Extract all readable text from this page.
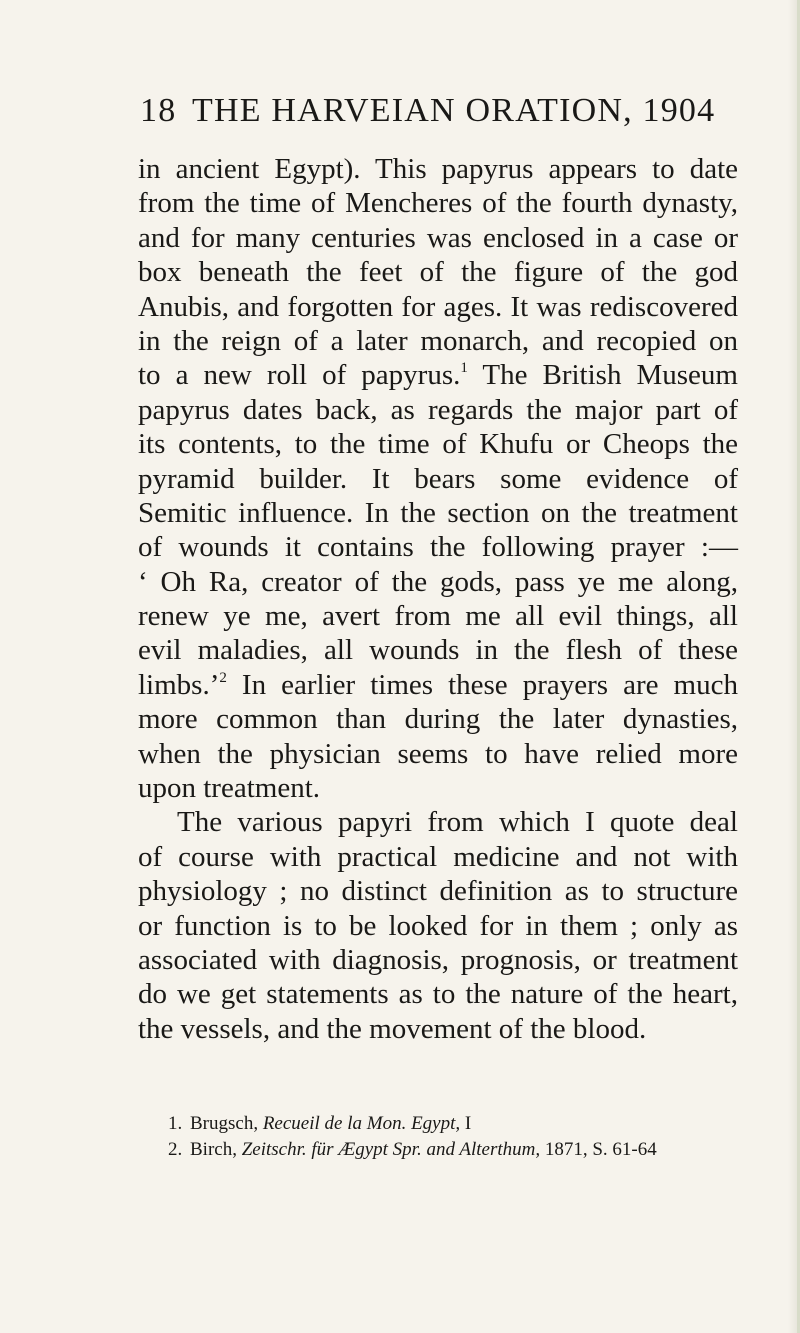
18 THE HARVEIAN ORATION, 1904
in ancient Egypt). This papyrus appears to date
from the time of Mencheres of the fourth dynasty,
and for many centuries was enclosed in a case or
box beneath the feet of the figure of the god
Anubis, and forgotten for ages. It was rediscovered
in the reign of a later monarch, and recopied on
to a new roll of papyrus.$^1$ The British Museum
papyrus dates back, as regards the major part of
its contents, to the time of Khufu or Cheops the
pyramid builder. It bears some evidence of
Semitic influence. In the section on the treatment
of wounds it contains the following prayer :—
‘ Oh Ra, creator of the gods, pass ye me along,
renew ye me, avert from me all evil things, all
evil maladies, all wounds in the flesh of these
limbs.’$^2$ In earlier times these prayers are much
more common than during the later dynasties,
when the physician seems to have relied more
upon treatment.
The various papyri from which I quote deal
of course with practical medicine and not with
physiology ; no distinct definition as to structure
or function is to be looked for in them ; only as
associated with diagnosis, prognosis, or treatment
do we get statements as to the nature of the heart,
the vessels, and the movement of the blood.
1. Brugsch, Recueil de la Mon. Egypt, I
2. Birch, Zeitschr. für Ægypt Spr. and Alterthum, 1871, S. 61-64
